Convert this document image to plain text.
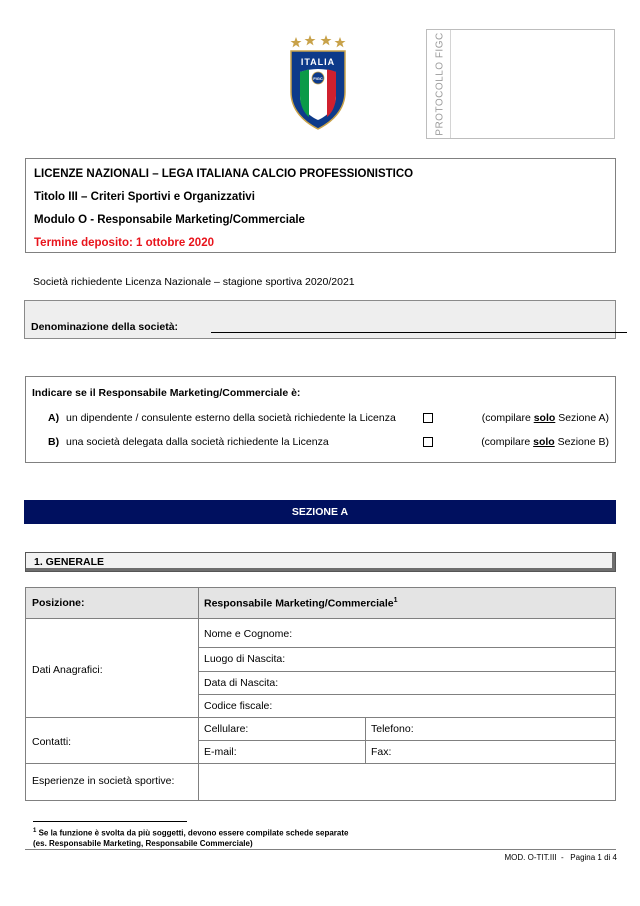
ITALIA
FIGC	PROTOCOLLO FIGC
LICENZE NAZIONALI – LEGA ITALIANA CALCIO PROFESSIONISTICO
Titolo III – Criteri Sportivi e Organizzativi
Modulo O - Responsabile Marketing/Commerciale
Termine deposito: 1 ottobre 2020
Società richiedente Licenza Nazionale – stagione sportiva 2020/2021
Denominazione della società:
Indicare se il Responsabile Marketing/Commerciale è:
A) un dipendente / consulente esterno della società richiedente la Licenza	(compilare solo Sezione A)
B) una società delegata dalla società richiedente la Licenza	(compilare solo Sezione B)
SEZIONE A
1. GENERALE
Posizione:	Responsabile Marketing/Commerciale$^1$
Dati Anagrafici:
Nome e Cognome:
Luogo di Nascita:
Data di Nascita:
Codice fiscale:
Contatti:
Cellulare:	Telefono:
E-mail:	Fax:
Esperienze in società sportive:
$^1$ Se la funzione è svolta da più soggetti, devono essere compilate schede separate
(es. Responsabile Marketing, Responsabile Commerciale)
MOD. O-TIT.III  -   Pagina 1 di 4
